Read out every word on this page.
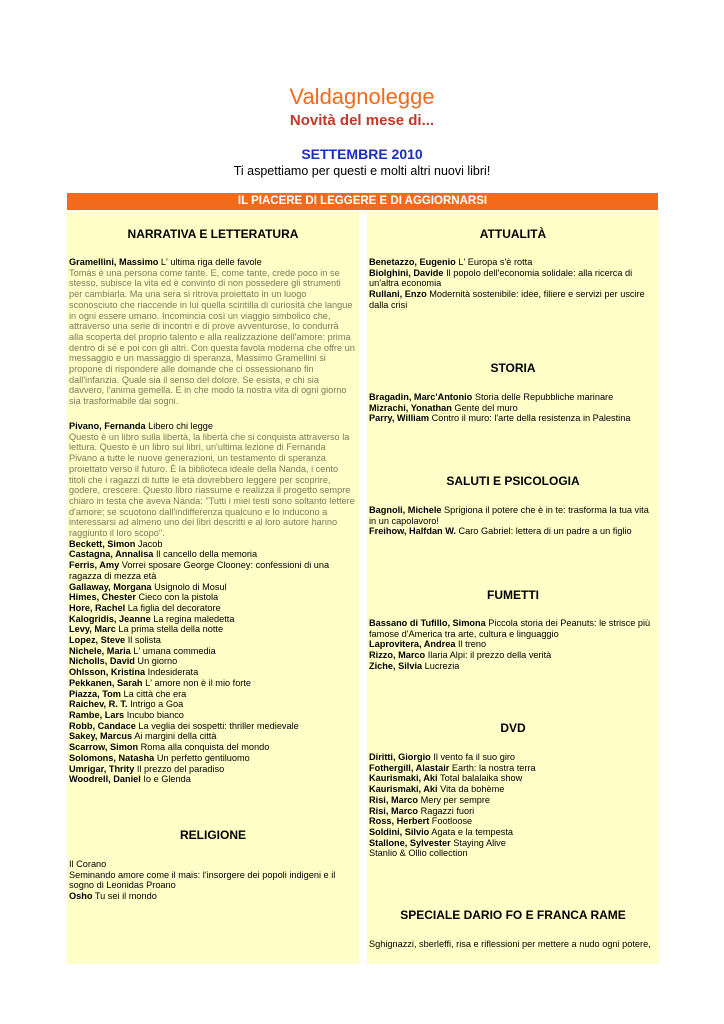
Valdagnolegge
Novità del mese di...
SETTEMBRE 2010
Ti aspettiamo per questi e molti altri nuovi libri!
IL PIACERE DI LEGGERE E DI AGGIORNARSI
NARRATIVA E LETTERATURA
Gramellini, Massimo L' ultima riga delle favole
Tomàs è una persona come tante. E, come tante, crede poco in se stesso, subisce la vita ed è convinto di non possedere gli strumenti per cambiarla. Ma una sera si ritrova proiettato in un luogo sconosciuto che riaccende in lui quella scintilla di curiosità che langue in ogni essere umano. Incomincia così un viaggio simbolico che, attraverso una serie di incontri e di prove avventurose, lo condurrà alla scoperta del proprio talento e alla realizzazione dell'amore: prima dentro di sé e poi con gli altri. Con questa favola moderna che offre un messaggio e un massaggio di speranza, Massimo Gramellini si propone di rispondere alle domande che ci ossessionano fin dall'infanzia. Quale sia il senso del dolore. Se esista, e chi sia davvero, l'anima gemella. E in che modo la nostra vita di ogni giorno sia trasformabile dai sogni.
Pivano, Fernanda Libero chi legge
Questo è un libro sulla libertà, la libertà che si conquista attraverso la lettura. Questo è un libro sui libri, un'ultima lezione di Fernanda Pivano a tutte le nuove generazioni, un testamento di speranza proiettato verso il futuro. È la biblioteca ideale della Nanda, i cento titoli che i ragazzi di tutte le età dovrebbero leggere per scoprire, godere, crescere. Questo libro riassume e realizza il progetto sempre chiaro in testa che aveva Nanda: "Tutti i miei testi sono soltanto lettere d'amore; se scuotono dall'indifferenza qualcuno e lo inducono a interessarsi ad almeno uno dei libri descritti e al loro autore hanno raggiunto il loro scopo".
Beckett, Simon Jacob
Castagna, Annalisa Il cancello della memoria
Ferris, Amy Vorrei sposare George Clooney: confessioni di una ragazza di mezza età
Gallaway, Morgana Usignolo di Mosul
Himes, Chester Cieco con la pistola
Hore, Rachel La figlia del decoratore
Kalogridis, Jeanne La regina maledetta
Levy, Marc La prima stella della notte
Lopez, Steve Il solista
Nichele, Maria L' umana commedia
Nicholls, David Un giorno
Ohlsson, Kristina Indesiderata
Pekkanen, Sarah L' amore non è il mio forte
Piazza, Tom La città che era
Raichev, R. T. Intrigo a Goa
Rambe, Lars Incubo bianco
Robb, Candace La veglia dei sospetti: thriller medievale
Sakey, Marcus Ai margini della città
Scarrow, Simon Roma alla conquista del mondo
Solomons, Natasha Un perfetto gentiluomo
Umrigar, Thrity Il prezzo del paradiso
Woodrell, Daniel Io e Glenda
RELIGIONE
Il Corano
Seminando amore come il mais: l'insorgere dei popoli indigeni e il sogno di Leonidas Proano
Osho Tu sei il mondo
ATTUALITÀ
Benetazzo, Eugenio L' Europa s'è rotta
Biolghini, Davide Il popolo dell'economia solidale: alla ricerca di un'altra economia
Rullani, Enzo Modernità sostenibile: idee, filiere e servizi per uscire dalla crisi
STORIA
Bragadin, Marc'Antonio Storia delle Repubbliche marinare
Mizrachi, Yonathan Gente del muro
Parry, William Contro il muro: l'arte della resistenza in Palestina
SALUTI E PSICOLOGIA
Bagnoli, Michele Sprigiona il potere che è in te: trasforma la tua vita in un capolavoro!
Freihow, Halfdan W. Caro Gabriel: lettera di un padre a un figlio
FUMETTI
Bassano di Tufillo, Simona Piccola storia dei Peanuts: le strisce più famose d'America tra arte, cultura e linguaggio
Laprovitera, Andrea Il treno
Rizzo, Marco Ilaria Alpi: il prezzo della verità
Ziche, Silvia Lucrezia
DVD
Diritti, Giorgio Il vento fa il suo giro
Fothergill, Alastair Earth: la nostra terra
Kaurismaki, Aki Total balalaika show
Kaurismaki, Aki Vita da bohème
Risi, Marco Mery per sempre
Risi, Marco Ragazzi fuori
Ross, Herbert Footloose
Soldini, Silvio Agata e la tempesta
Stallone, Sylvester Staying Alive
Stanlio & Ollio collection
SPECIALE DARIO FO E FRANCA RAME
Sghignazzi, sberleffi, risa e riflessioni per mettere a nudo ogni potere,
